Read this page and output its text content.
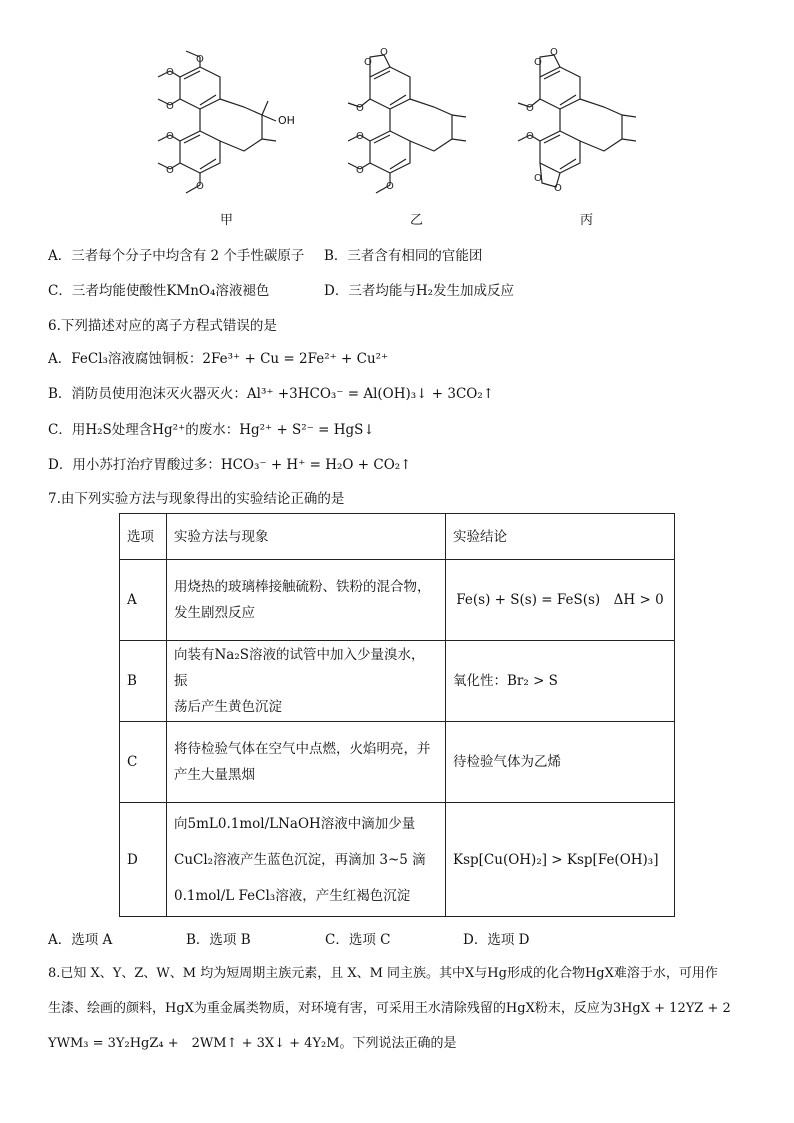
O
O
O
O
O
O
OH
甲
O
O
O
O
O
O
乙
O
O
O
O
O
O
丙
A．三者每个分子中均含有 2 个手性碳原子 B．三者含有相同的官能团
C．三者均能使酸性KMnO₄溶液褪色	D．三者均能与H₂发生加成反应
6.下列描述对应的离子方程式错误的是
A．FeCl₃溶液腐蚀铜板：2Fe³⁺ + Cu = 2Fe²⁺ + Cu²⁺
B．消防员使用泡沫灭火器灭火：Al³⁺ +3HCO₃⁻ = Al(OH)₃↓ + 3CO₂↑
C．用H₂S处理含Hg²⁺的废水：Hg²⁺ + S²⁻ = HgS↓
D．用小苏打治疗胃酸过多：HCO₃⁻ + H⁺ = H₂O + CO₂↑
7.由下列实验方法与现象得出的实验结论正确的是
选项	实验方法与现象	实验结论
A	用烧热的玻璃棒接触硫粉、铁粉的混合物，
发生剧烈反应	Fe(s) + S(s) = FeS(s)　ΔH > 0
B	向装有Na₂S溶液的试管中加入少量溴水，振
荡后产生黄色沉淀	氧化性：Br₂ > S
C	将待检验气体在空气中点燃，火焰明亮，并
产生大量黑烟	待检验气体为乙烯
D	向5mL0.1mol/LNaOH溶液中滴加少量
CuCl₂溶液产生蓝色沉淀，再滴加 3~5 滴
0.1mol/L FeCl₃溶液，产生红褐色沉淀	Ksp[Cu(OH)₂] > Ksp[Fe(OH)₃]
A．选项 A	B．选项 B	C．选项 C	D．选项 D
8.已知 X、Y、Z、W、M 均为短周期主族元素，且 X、M 同主族。其中X与Hg形成的化合物HgX难溶于水，可用作
生漆、绘画的颜料，HgX为重金属类物质，对环境有害，可采用王水清除残留的HgX粉末，反应为3HgX + 12YZ + 2
YWM₃ = 3Y₂HgZ₄ +　2WM↑ + 3X↓ + 4Y₂M。下列说法正确的是
